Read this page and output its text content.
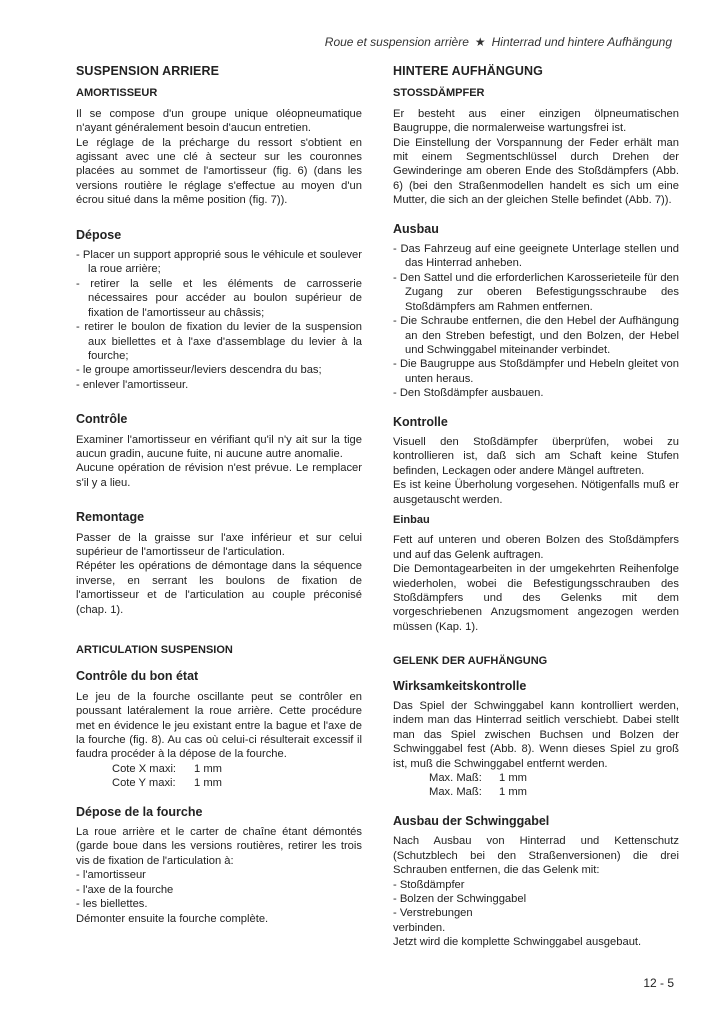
Roue et suspension arrière ★ Hinterrad und hintere Aufhängung
SUSPENSION ARRIERE
AMORTISSEUR

Il se compose d'un groupe unique oléopneumatique n'ayant généralement besoin d'aucun entretien.

Le réglage de la précharge du ressort s'obtient en agissant avec une clé à secteur sur les couronnes placées au sommet de l'amortisseur (fig. 6) (dans les versions routière le réglage s'effectue au moyen d'un écrou situé dans la même position (fig. 7)).

Dépose
- Placer un support approprié sous le véhicule et soulever la roue arrière;
- retirer la selle et les éléments de carrosserie nécessaires pour accéder au boulon supérieur de fixation de l'amortisseur au châssis;
- retirer le boulon de fixation du levier de la suspension aux biellettes et à l'axe d'assemblage du levier à la fourche;
- le groupe amortisseur/leviers descendra du bas;
- enlever l'amortisseur.
Contrôle

Examiner l'amortisseur en vérifiant qu'il n'y ait sur la tige aucun gradin, aucune fuite, ni aucune autre anomalie.

Aucune opération de révision n'est prévue. Le remplacer s'il y a lieu.

Remontage

Passer de la graisse sur l'axe inférieur et sur celui supérieur de l'amortisseur de l'articulation.

Répéter les opérations de démontage dans la séquence inverse, en serrant les boulons de fixation de l'amortisseur et de l'articulation au couple préconisé (chap. 1).

ARTICULATION SUSPENSION
Contrôle du bon état

Le jeu de la fourche oscillante peut se contrôler en poussant latéralement la roue arrière. Cette procédure met en évidence le jeu existant entre la bague et l'axe de la fourche (fig. 8). Au cas où celui-ci résulterait excessif il faudra procéder à la dépose de la fourche.

Cote X maxi: 1 mm
Cote Y maxi: 1 mm
Dépose de la fourche

La roue arrière et le carter de chaîne étant démontés (garde boue dans les versions routières, retirer les trois vis de fixation de l'articulation à:

- l'amortisseur
- l'axe de la fourche
- les biellettes.

Démonter ensuite la fourche complète.

HINTERE AUFHÄNGUNG
STOSSDÄMPFER

Er besteht aus einer einzigen ölpneumatischen Baugruppe, die normalerweise wartungsfrei ist.

Die Einstellung der Vorspannung der Feder erhält man mit einem Segmentschlüssel durch Drehen der Gewinderinge am oberen Ende des Stoßdämpfers (Abb. 6) (bei den Straßenmodellen handelt es sich um eine Mutter, die sich an der gleichen Stelle befindet (Abb. 7)).

Ausbau
- Das Fahrzeug auf eine geeignete Unterlage stellen und das Hinterrad anheben.
- Den Sattel und die erforderlichen Karosserieteile für den Zugang zur oberen Befestigungsschraube des Stoßdämpfers am Rahmen entfernen.
- Die Schraube entfernen, die den Hebel der Aufhängung an den Streben befestigt, und den Bolzen, der Hebel und Schwinggabel miteinander verbindet.
- Die Baugruppe aus Stoßdämpfer und Hebeln gleitet von unten heraus.
- Den Stoßdämpfer ausbauen.
Kontrolle

Visuell den Stoßdämpfer überprüfen, wobei zu kontrollieren ist, daß sich am Schaft keine Stufen befinden, Leckagen oder andere Mängel auftreten.

Es ist keine Überholung vorgesehen. Nötigenfalls muß er ausgetauscht werden.

Einbau

Fett auf unteren und oberen Bolzen des Stoßdämpfers und auf das Gelenk auftragen.

Die Demontagearbeiten in der umgekehrten Reihenfolge wiederholen, wobei die Befestigungsschrauben des Stoßdämpfers und des Gelenks mit dem vorgeschriebenen Anzugsmoment angezogen werden müssen (Kap. 1).

GELENK DER AUFHÄNGUNG
Wirksamkeitskontrolle

Das Spiel der Schwinggabel kann kontrolliert werden, indem man das Hinterrad seitlich verschiebt. Dabei stellt man das Spiel zwischen Buchsen und Bolzen der Schwinggabel fest (Abb. 8). Wenn dieses Spiel zu groß ist, muß die Schwinggabel entfernt werden.

Max. Maß: 1 mm
Max. Maß: 1 mm
Ausbau der Schwinggabel

Nach Ausbau von Hinterrad und Kettenschutz (Schutzblech bei den Straßenversionen) die drei Schrauben entfernen, die das Gelenk mit:

- Stoßdämpfer
- Bolzen der Schwinggabel
- Verstrebungen

verbinden.

Jetzt wird die komplette Schwinggabel ausgebaut.

12 - 5
